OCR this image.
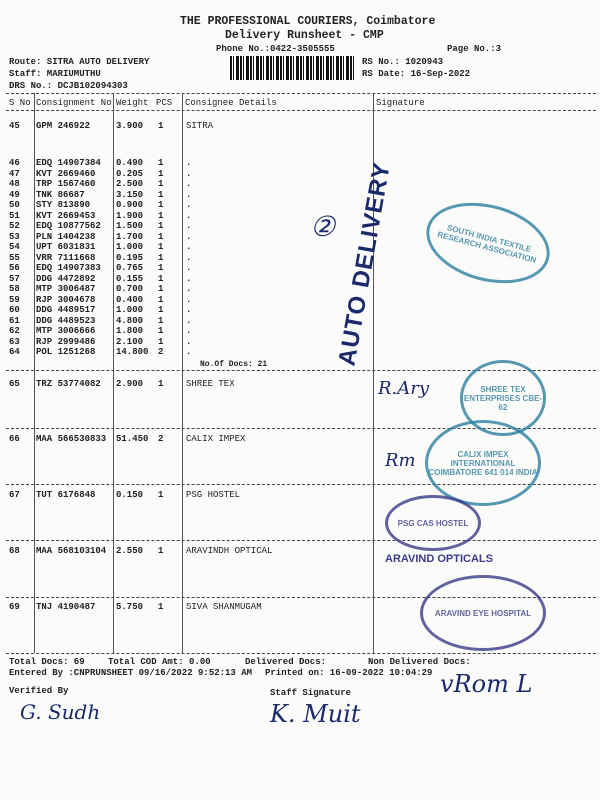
THE PROFESSIONAL COURIERS, Coimbatore
Delivery Runsheet - CMP
Phone No.:0422-3505555	Page No.:3
Route: SITRA AUTO DELIVERY
Staff: MARIUMUTHU
DRS No.: DCJB102094303
RS No.: 1020943
RS Date: 16-Sep-2022
S No Consignment No Weight PCS Consignee Details	Signature
45 GPM 246922	3.900 1	SITRA
46 EDQ 14907384 0.490 1	.
47 KVT 2669460 0.205 1	.
48 TRP 1567460 2.500 1	.
49 TNK 86687	3.150 1	.
50 STY 813890	0.900 1	.
51 KVT 2669453 1.900 1	.
52 EDQ 10877562 1.500 1	.
53 PLN 1404238 1.700 1	.
54 UPT 6031831 1.000 1	.
55 VRR 7111668 0.195 1	.
56 EDQ 14907383 0.765 1	.
57 DDG 4472892 0.155 1	.
58 MTP 3006487 0.700 1	.
59 RJP 3004678 0.400 1	.
60 DDG 4489517 1.000 1	.
61 DDG 4489523 4.800 1	.
62 MTP 3006666 1.800 1	.
63 RJP 2999486 2.100 1	.
64 POL 1251268 14.800 2	.
65 TRZ 53774082 2.900 1	SHREE TEX
66 MAA 566530833 51.450 2	CALIX IMPEX
67 TUT 6176848 0.150 1	PSG HOSTEL
68 MAA 568103104 2.550 1	ARAVINDH OPTICAL
69 TNJ 4190487 5.750 1	SIVA SHANMUGAM
No.Of Docs: 21	AUTO DELIVERY	SOUTH INDIA TEXTILE RESEARCH ASSOCIATION
SHREE TEX ENTERPRISES CBE-62
CALIX IMPEX INTERNATIONAL COIMBATORE 641 014 INDIA
PSG CAS HOSTEL
ARAVIND OPTICALS
ARAVIND EYE HOSPITAL
②
R.Ary
Rm
G. Sudh	K. Muit
vRom L
Total Docs: 69	Total COD Amt: 0.00	Delivered Docs:	Non Delivered Docs:
Entered By :CNPRUNSHEET 09/16/2022 9:52:13 AM Printed on: 16-09-2022 10:04:29
Verified By	Staff Signature
